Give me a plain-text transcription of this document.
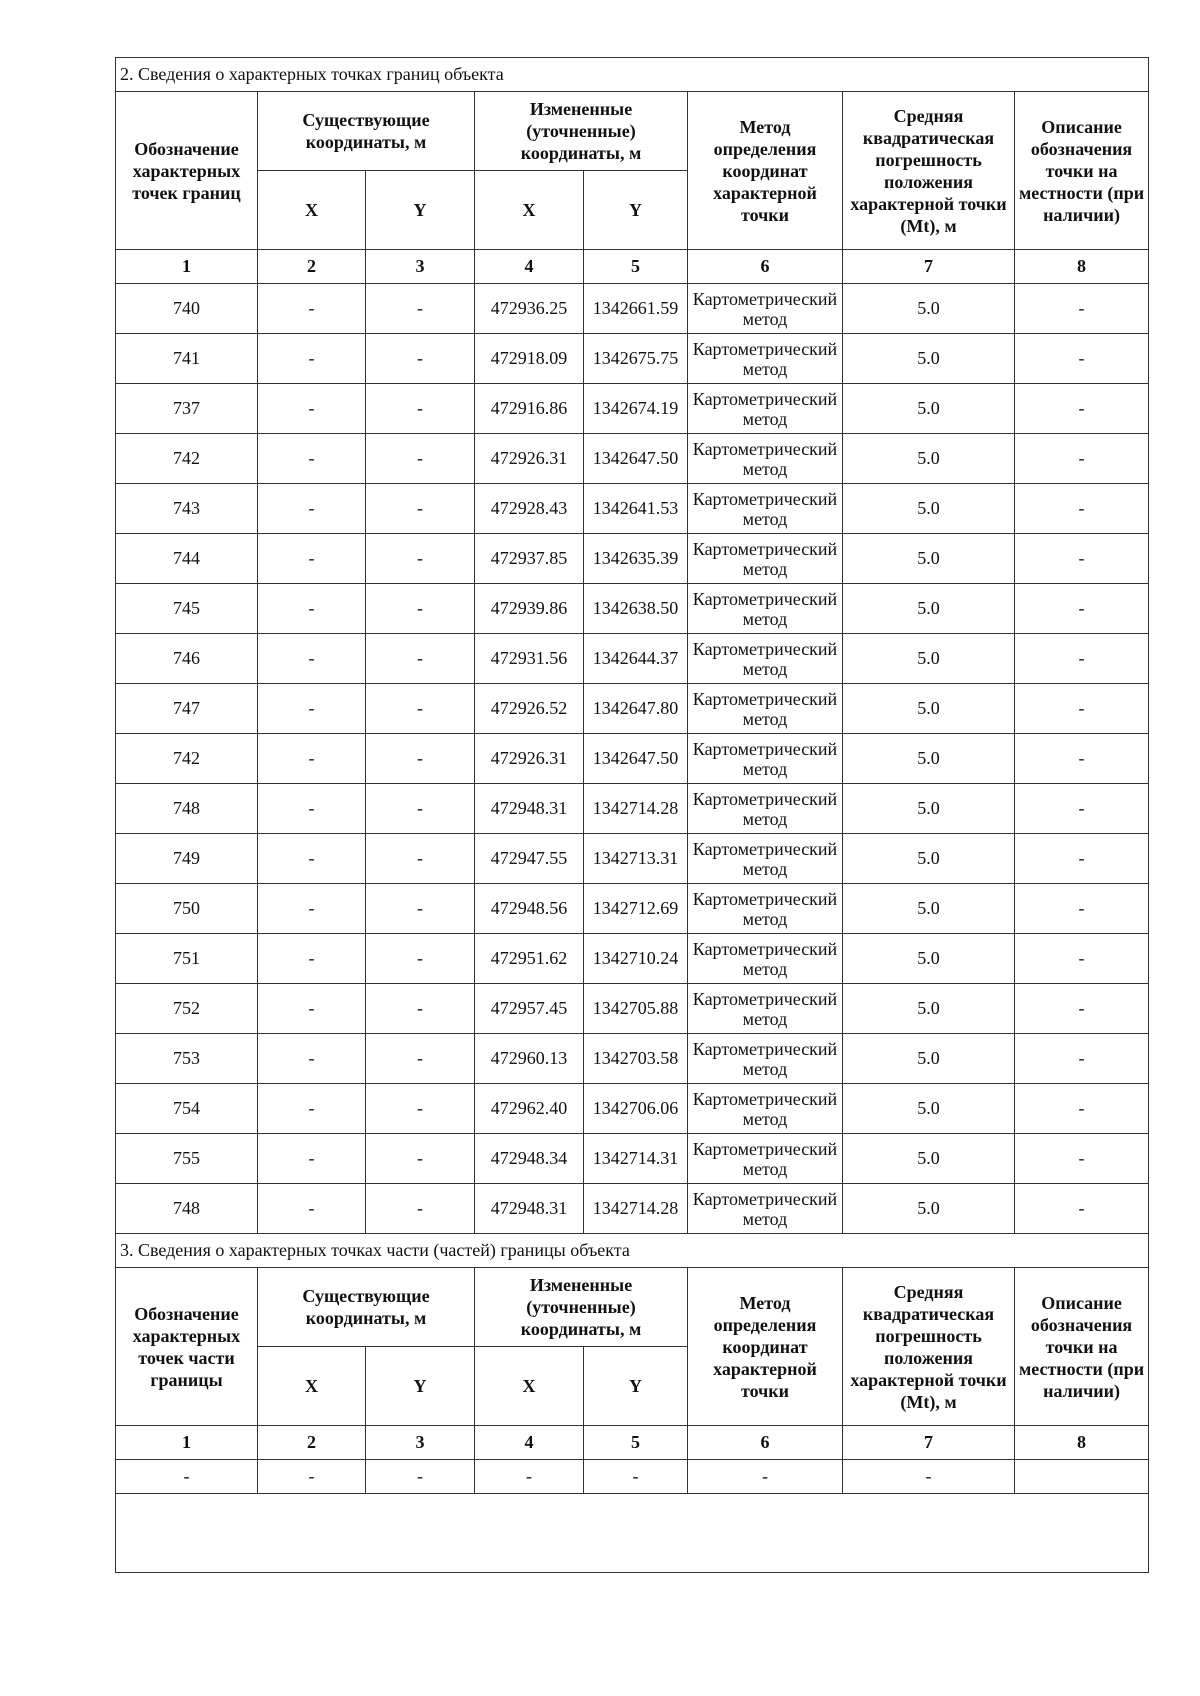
2. Сведения о характерных точках границ объекта							
Обозначение характерных точек границ	Существующие координаты, м		Измененные (уточненные) координаты, м		Метод определения координат характерной точки	Средняя квадратическая погрешность положения характерной точки (Mt), м	Описание обозначения точки на местности (при наличии)
	X	Y	X	Y			
1	2	3	4	5	6	7	8
740	-	-	472936.25	1342661.59	Картометрический метод	5.0	-
741	-	-	472918.09	1342675.75	Картометрический метод	5.0	-
737	-	-	472916.86	1342674.19	Картометрический метод	5.0	-
742	-	-	472926.31	1342647.50	Картометрический метод	5.0	-
743	-	-	472928.43	1342641.53	Картометрический метод	5.0	-
744	-	-	472937.85	1342635.39	Картометрический метод	5.0	-
745	-	-	472939.86	1342638.50	Картометрический метод	5.0	-
746	-	-	472931.56	1342644.37	Картометрический метод	5.0	-
747	-	-	472926.52	1342647.80	Картометрический метод	5.0	-
742	-	-	472926.31	1342647.50	Картометрический метод	5.0	-
748	-	-	472948.31	1342714.28	Картометрический метод	5.0	-
749	-	-	472947.55	1342713.31	Картометрический метод	5.0	-
750	-	-	472948.56	1342712.69	Картометрический метод	5.0	-
751	-	-	472951.62	1342710.24	Картометрический метод	5.0	-
752	-	-	472957.45	1342705.88	Картометрический метод	5.0	-
753	-	-	472960.13	1342703.58	Картометрический метод	5.0	-
754	-	-	472962.40	1342706.06	Картометрический метод	5.0	-
755	-	-	472948.34	1342714.31	Картометрический метод	5.0	-
748	-	-	472948.31	1342714.28	Картометрический метод	5.0	-
3. Сведения о характерных точках части (частей) границы объекта							
Обозначение характерных точек части границы	Существующие координаты, м		Измененные (уточненные) координаты, м		Метод определения координат характерной точки	Средняя квадратическая погрешность положения характерной точки (Mt), м	Описание обозначения точки на местности (при наличии)
	X	Y	X	Y			
1	2	3	4	5	6	7	8
-	-	-	-	-	-	-	
